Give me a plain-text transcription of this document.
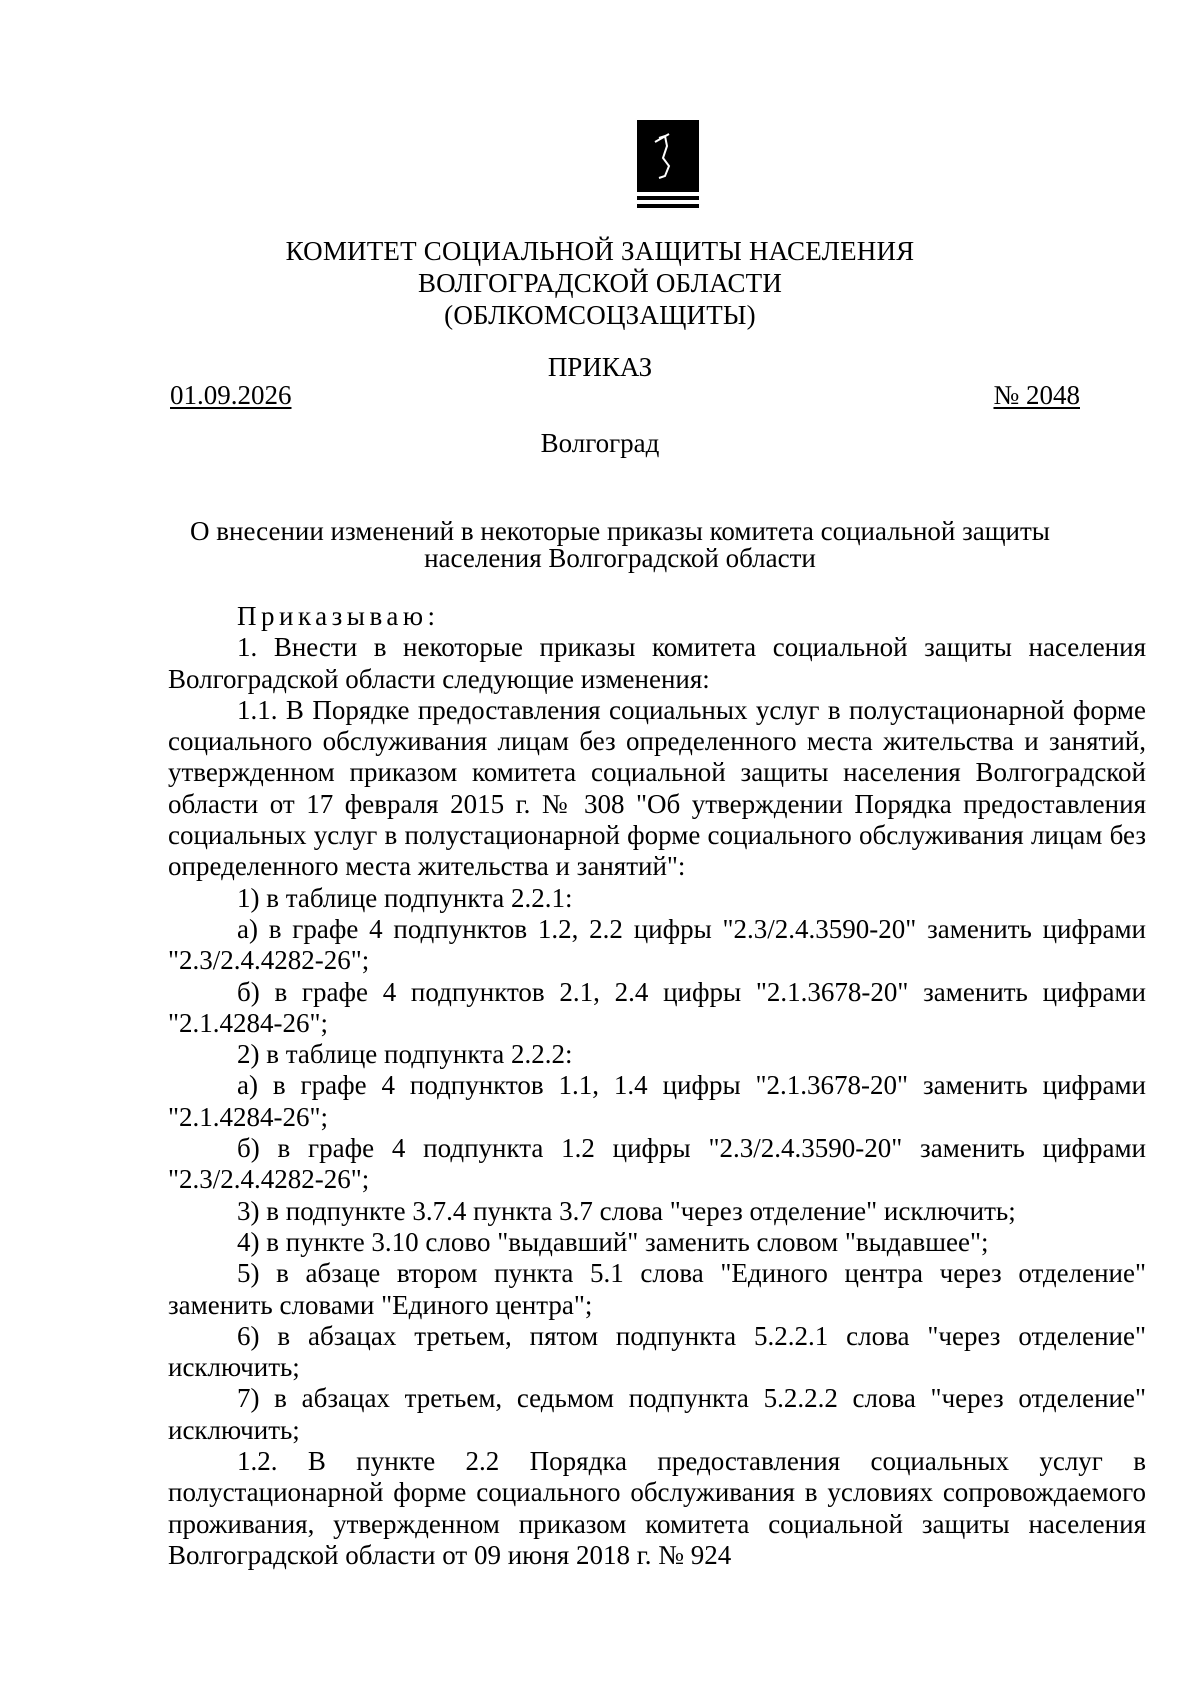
КОМИТЕТ СОЦИАЛЬНОЙ ЗАЩИТЫ НАСЕЛЕНИЯ
ВОЛГОГРАДСКОЙ ОБЛАСТИ
(ОБЛКОМСОЦЗАЩИТЫ)
ПРИКАЗ
01.09.2026	№ 2048
Волгоград
О внесении изменений в некоторые приказы комитета социальной защиты населения Волгоградской области

Приказываю:

1. Внести в некоторые приказы комитета социальной защиты населения Волгоградской области следующие изменения:

1.1. В Порядке предоставления социальных услуг в полустационарной форме социального обслуживания лицам без определенного места жительства и занятий, утвержденном приказом комитета социальной защиты населения Волгоградской области от 17 февраля 2015 г. № 308 "Об утверждении Порядка предоставления социальных услуг в полустационарной форме социального обслуживания лицам без определенного места жительства и занятий":

1) в таблице подпункта 2.2.1:

а) в графе 4 подпунктов 1.2, 2.2 цифры "2.3/2.4.3590-20" заменить цифрами "2.3/2.4.4282-26";

б) в графе 4 подпунктов 2.1, 2.4 цифры "2.1.3678-20" заменить цифрами "2.1.4284-26";

2) в таблице подпункта 2.2.2:

а) в графе 4 подпунктов 1.1, 1.4 цифры "2.1.3678-20" заменить цифрами "2.1.4284-26";

б) в графе 4 подпункта 1.2 цифры "2.3/2.4.3590-20" заменить цифрами "2.3/2.4.4282-26";

3) в подпункте 3.7.4 пункта 3.7 слова "через отделение" исключить;

4) в пункте 3.10 слово "выдавший" заменить словом "выдавшее";

5) в абзаце втором пункта 5.1 слова "Единого центра через отделение" заменить словами "Единого центра";

6) в абзацах третьем, пятом подпункта 5.2.2.1 слова "через отделение" исключить;

7) в абзацах третьем, седьмом подпункта 5.2.2.2 слова "через отделение" исключить;

1.2. В пункте 2.2 Порядка предоставления социальных услуг в полустационарной форме социального обслуживания в условиях сопровождаемого проживания, утвержденном приказом комитета социальной защиты населения Волгоградской области от 09 июня 2018 г. № 924
